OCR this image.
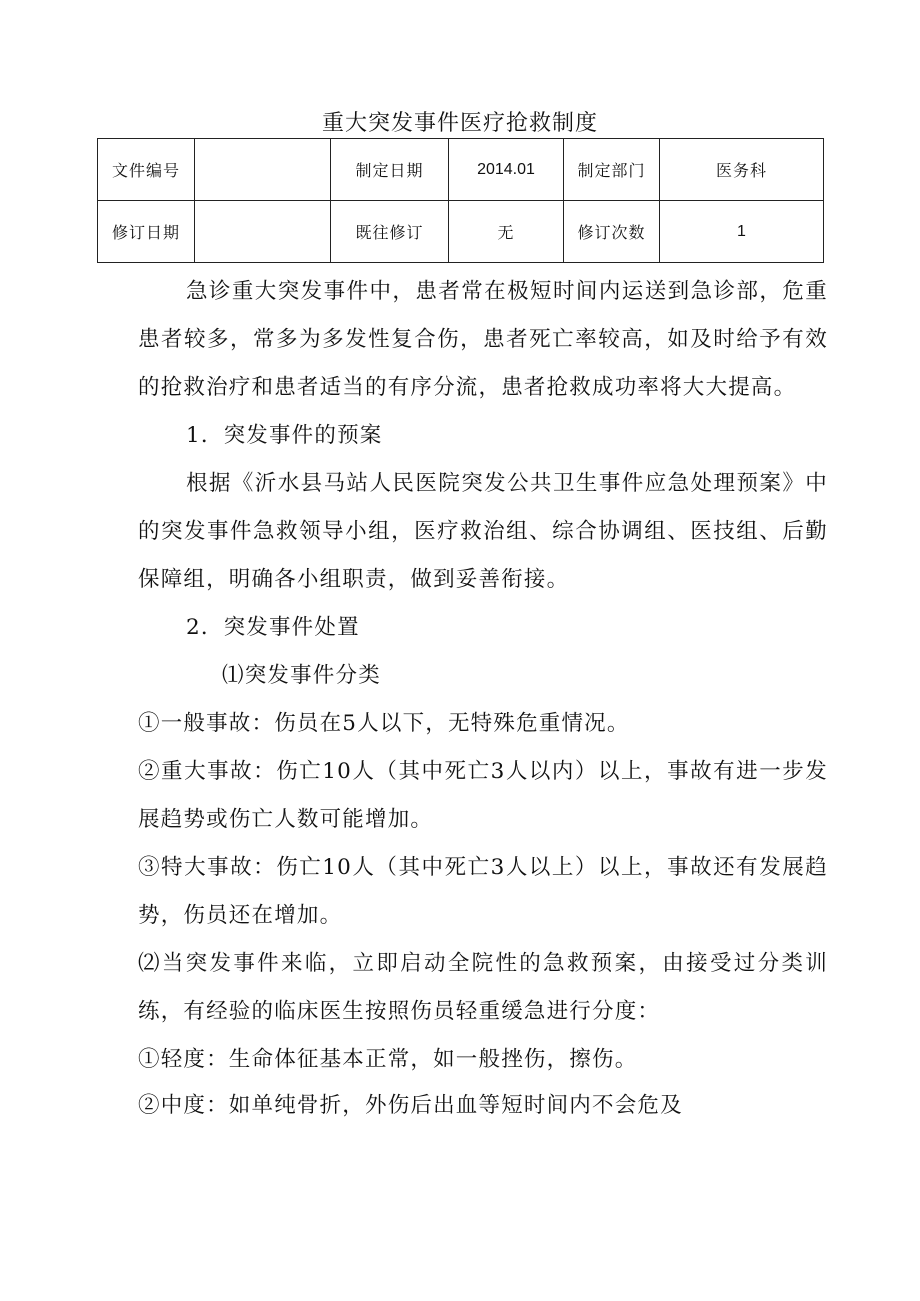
重大突发事件医疗抢救制度
文件编号		制定日期	2014.01	制定部门	医务科
修订日期		既往修订	无	修订次数	1

急诊重大突发事件中，患者常在极短时间内运送到急诊部，危重患者较多，常多为多发性复合伤，患者死亡率较高，如及时给予有效的抢救治疗和患者适当的有序分流，患者抢救成功率将大大提高。

1．突发事件的预案

根据《沂水县马站人民医院突发公共卫生事件应急处理预案》中的突发事件急救领导小组，医疗救治组、综合协调组、医技组、后勤保障组，明确各小组职责，做到妥善衔接。

2．突发事件处置

⑴突发事件分类

①一般事故：伤员在5人以下，无特殊危重情况。

②重大事故：伤亡10人（其中死亡3人以内）以上，事故有进一步发展趋势或伤亡人数可能增加。

③特大事故：伤亡10人（其中死亡3人以上）以上，事故还有发展趋势，伤员还在增加。

⑵当突发事件来临，立即启动全院性的急救预案，由接受过分类训练，有经验的临床医生按照伤员轻重缓急进行分度：

①轻度：生命体征基本正常，如一般挫伤，擦伤。

②中度：如单纯骨折，外伤后出血等短时间内不会危及
